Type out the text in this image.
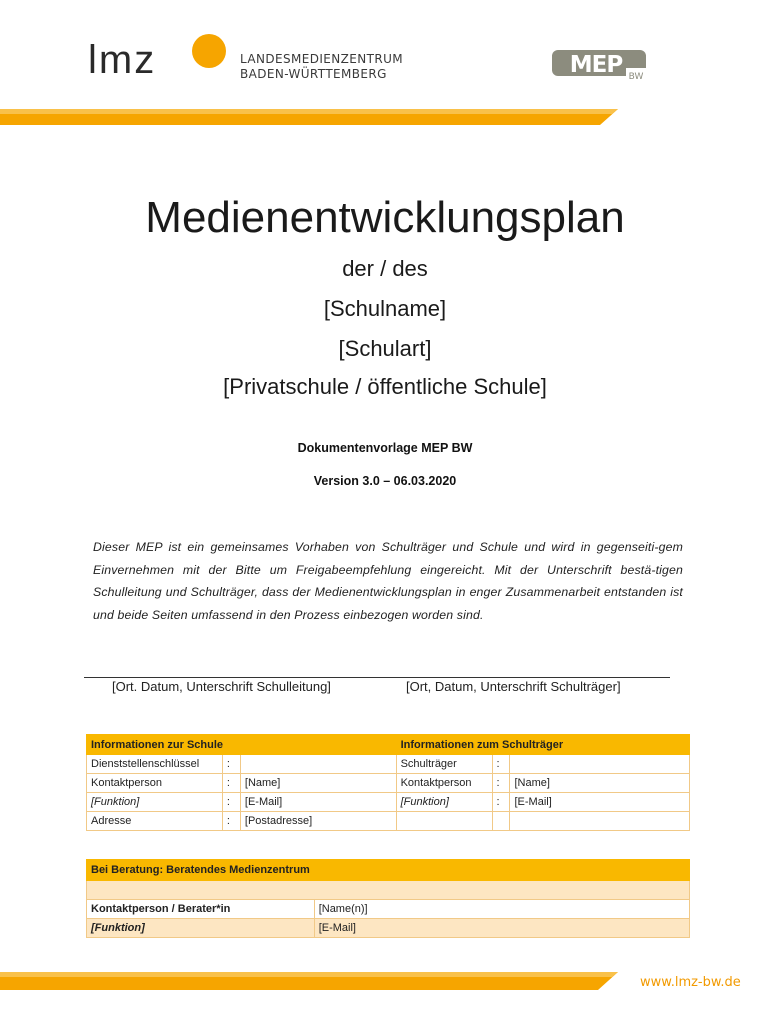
lmz	LANDESMEDIENZENTRUM
BADEN-WÜRTTEMBERG	MEP BW
Medienentwicklungsplan
der / des
[Schulname]
[Schulart]
[Privatschule / öffentliche Schule]
Dokumentenvorlage MEP BW
Version 3.0 – 06.03.2020
Dieser MEP ist ein gemeinsames Vorhaben von Schulträger und Schule und wird in gegenseiti-gem Einvernehmen mit der Bitte um Freigabeempfehlung eingereicht. Mit der Unterschrift bestä-tigen Schulleitung und Schulträger, dass der Medienentwicklungsplan in enger Zusammenarbeit entstanden ist und beide Seiten umfassend in den Prozess einbezogen worden sind.
[Ort. Datum, Unterschrift Schulleitung]	[Ort, Datum, Unterschrift Schulträger]
Informationen zur Schule			Informationen zum Schulträger		
Dienststellenschlüssel	:		Schulträger	:	
Kontaktperson	:	[Name]	Kontaktperson	:	[Name]
[Funktion]	:	[E-Mail]	[Funktion]	:	[E-Mail]
Adresse	:	[Postadresse]			
Bei Beratung: Beratendes Medienzentrum	

Kontaktperson / Berater*in	[Name(n)]
[Funktion]	[E-Mail]
www.lmz-bw.de
